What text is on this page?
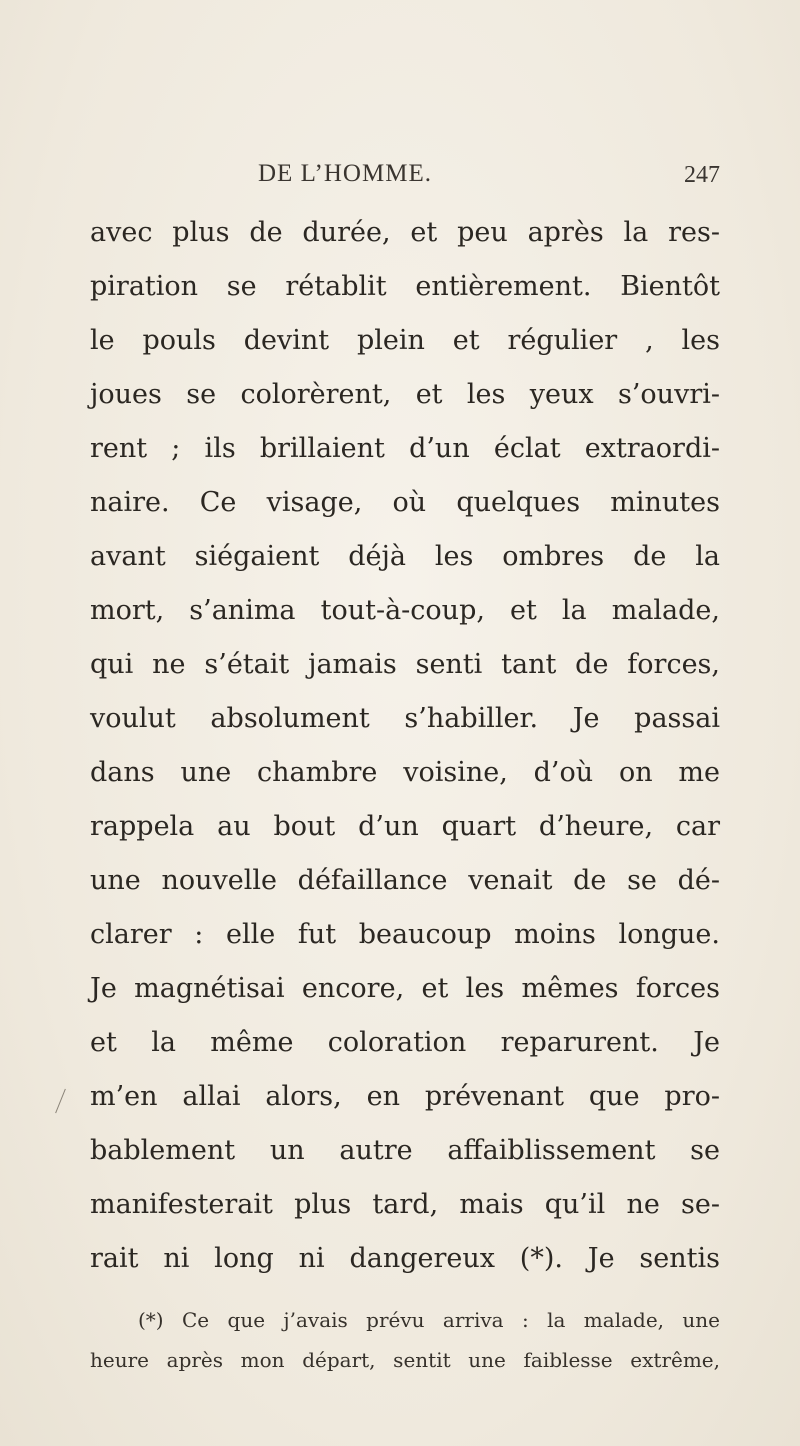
DE L’HOMME.	247
avec plus de durée, et peu après la res-
piration se rétablit entièrement. Bientôt
le pouls devint plein et régulier , les
joues se colorèrent, et les yeux s’ouvri-
rent ; ils brillaient d’un éclat extraordi-
naire. Ce visage, où quelques minutes
avant siégaient déjà les ombres de la
mort, s’anima tout-à-coup, et la malade,
qui ne s’était jamais senti tant de forces,
voulut absolument s’habiller. Je passai
dans une chambre voisine, d’où on me
rappela au bout d’un quart d’heure, car
une nouvelle défaillance venait de se dé-
clarer : elle fut beaucoup moins longue.
Je magnétisai encore, et les mêmes forces
et la même coloration reparurent. Je
m’en allai alors, en prévenant que pro-
bablement un autre affaiblissement se
manifesterait plus tard, mais qu’il ne se-
rait ni long ni dangereux (*). Je sentis
(*) Ce que j’avais prévu arriva : la malade, une
heure après mon départ, sentit une faiblesse extrême,
